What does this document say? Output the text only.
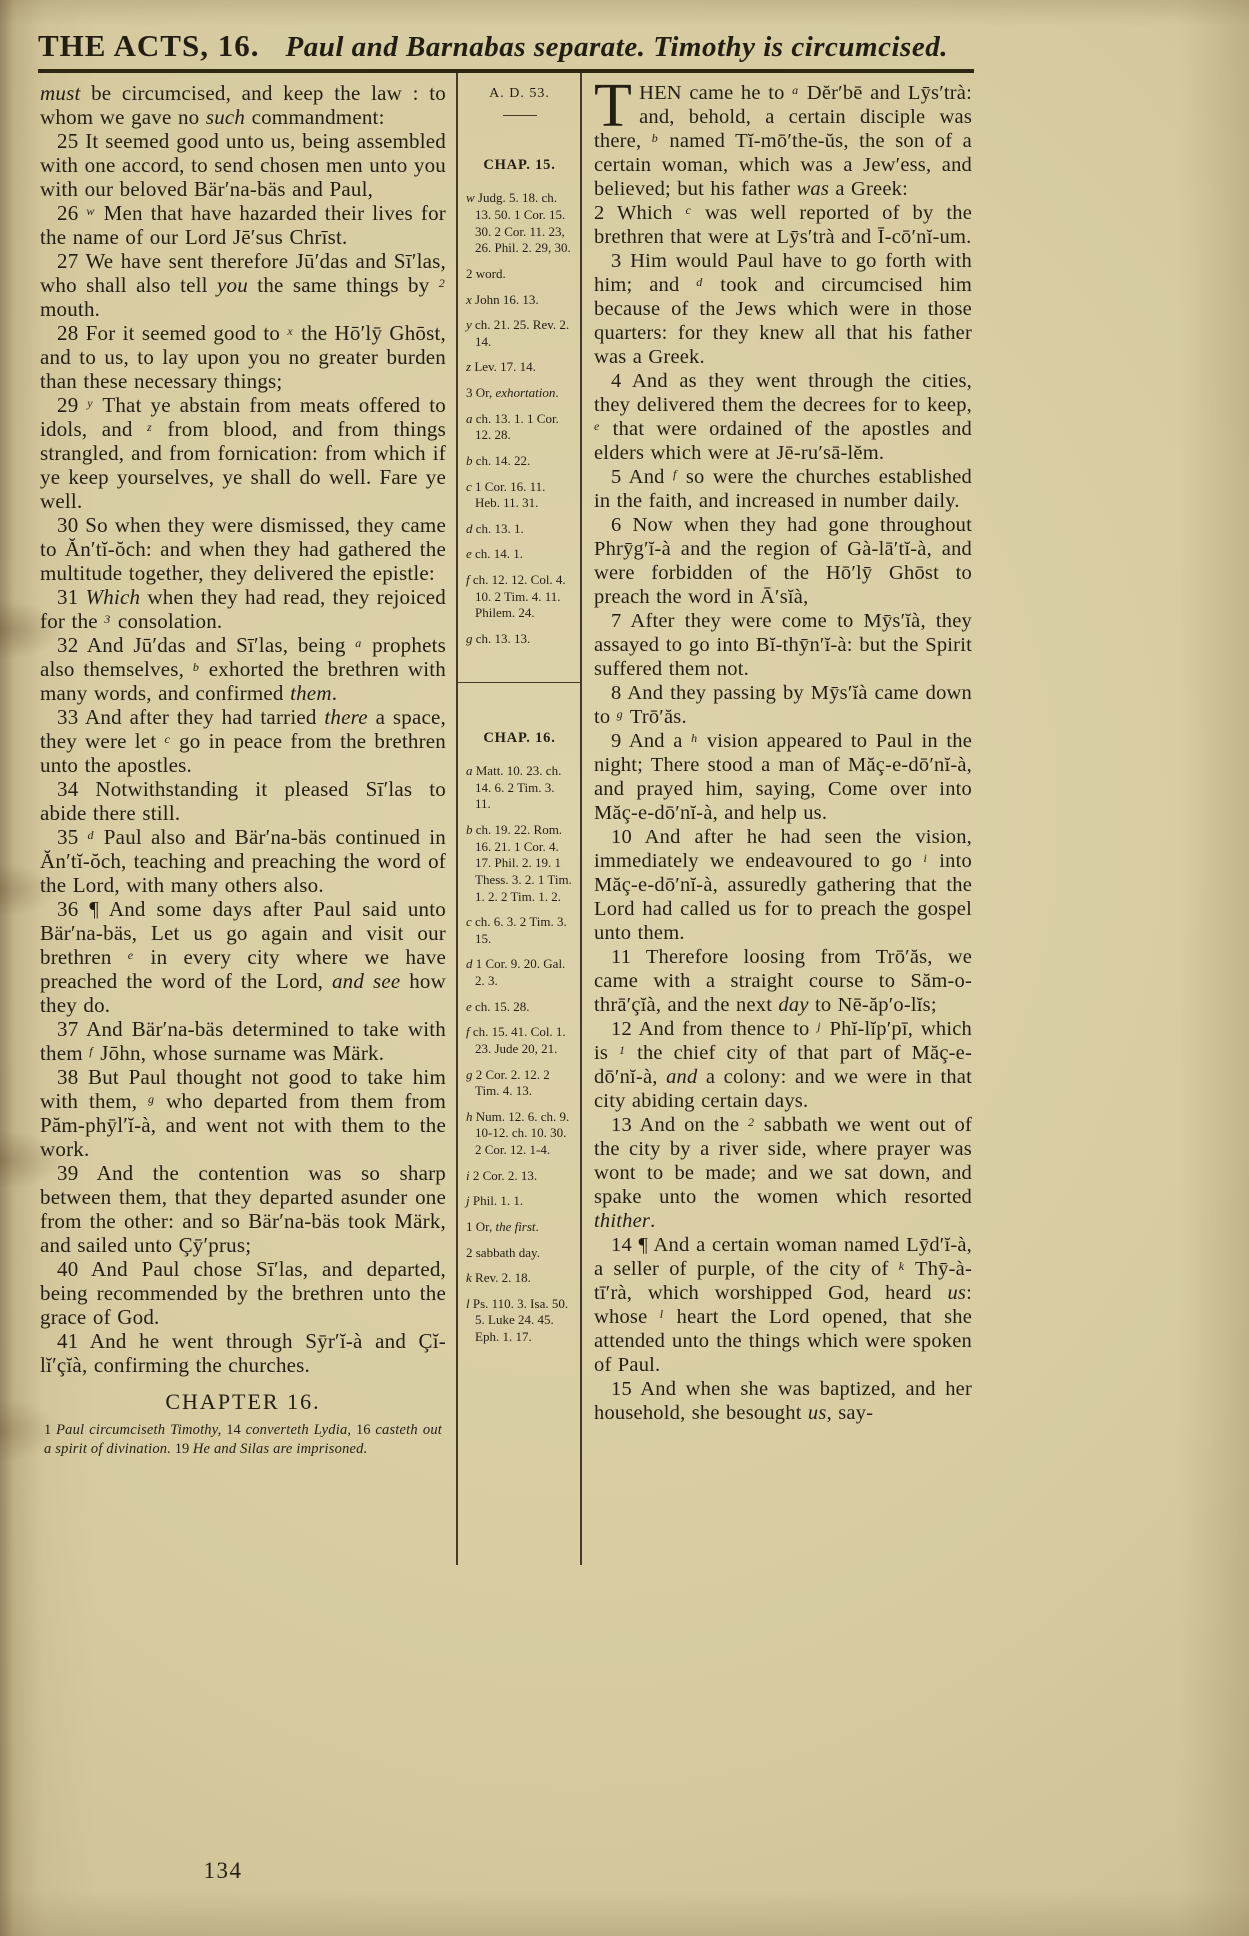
THE ACTS, 16. Paul and Barnabas separate. Timothy is circumcised.

must be circumcised, and keep the law : to whom we gave no such commandment:

25 It seemed good unto us, being assembled with one accord, to send chosen men unto you with our beloved Bär′na-bäs and Paul,

26 $^w$ Men that have hazarded their lives for the name of our Lord Jē′sus Chrīst.

27 We have sent therefore Jū′das and Sī′las, who shall also tell you the same things by $^2$ mouth.

28 For it seemed good to $^x$ the Hō′lȳ Ghōst, and to us, to lay upon you no greater burden than these necessary things;

29 $^y$ That ye abstain from meats offered to idols, and $^z$ from blood, and from things strangled, and from fornication: from which if ye keep yourselves, ye shall do well. Fare ye well.

30 So when they were dismissed, they came to Ăn′tĭ-ŏch: and when they had gathered the multitude together, they delivered the epistle:

31 Which when they had read, they rejoiced for the $^3$ consolation.

32 And Jū′das and Sī′las, being $^a$ prophets also themselves, $^b$ exhorted the brethren with many words, and confirmed them.

33 And after they had tarried there a space, they were let $^c$ go in peace from the brethren unto the apostles.

34 Notwithstanding it pleased Sī′las to abide there still.

35 $^d$ Paul also and Bär′na-bäs continued in Ăn′tĭ-ŏch, teaching and preaching the word of the Lord, with many others also.

36 ¶ And some days after Paul said unto Bär′na-bäs, Let us go again and visit our brethren $^e$ in every city where we have preached the word of the Lord, and see how they do.

37 And Bär′na-bäs determined to take with them $^f$ Jōhn, whose surname was Märk.

38 But Paul thought not good to take him with them, $^g$ who departed from them from Păm-phȳl′ĭ-à, and went not with them to the work.

39 And the contention was so sharp between them, that they departed asunder one from the other: and so Bär′na-bäs took Märk, and sailed unto Çȳ′prus;

40 And Paul chose Sī′las, and departed, being recommended by the brethren unto the grace of God.

41 And he went through Sȳr′ĭ-à and Çĭ-lĭ′çĭà, confirming the churches.

CHAPTER 16.

1 Paul circumciseth Timothy, 14 converteth Lydia, 16 casteth out a spirit of divination. 19 He and Silas are imprisoned.

A. D. 53.
CHAP. 15.

w Judg. 5. 18. ch. 13. 50. 1 Cor. 15. 30. 2 Cor. 11. 23, 26. Phil. 2. 29, 30.

2 word.

x John 16. 13.

y ch. 21. 25. Rev. 2. 14.

z Lev. 17. 14.

3 Or, exhortation.

a ch. 13. 1. 1 Cor. 12. 28.

b ch. 14. 22.

c 1 Cor. 16. 11. Heb. 11. 31.

d ch. 13. 1.

e ch. 14. 1.

f ch. 12. 12. Col. 4. 10. 2 Tim. 4. 11. Philem. 24.

g ch. 13. 13.

CHAP. 16.

a Matt. 10. 23. ch. 14. 6. 2 Tim. 3. 11.

b ch. 19. 22. Rom. 16. 21. 1 Cor. 4. 17. Phil. 2. 19. 1 Thess. 3. 2. 1 Tim. 1. 2. 2 Tim. 1. 2.

c ch. 6. 3. 2 Tim. 3. 15.

d 1 Cor. 9. 20. Gal. 2. 3.

e ch. 15. 28.

f ch. 15. 41. Col. 1. 23. Jude 20, 21.

g 2 Cor. 2. 12. 2 Tim. 4. 13.

h Num. 12. 6. ch. 9. 10-12. ch. 10. 30. 2 Cor. 12. 1-4.

i 2 Cor. 2. 13.

j Phil. 1. 1.

1 Or, the first.

2 sabbath day.

k Rev. 2. 18.

l Ps. 110. 3. Isa. 50. 5. Luke 24. 45. Eph. 1. 17.

T HEN came he to $^a$ Dĕr′bē and Lȳs′trà: and, behold, a certain disciple was there, $^b$ named Tĭ-mō′the-ŭs, the son of a certain woman, which was a Jew′ess, and believed; but his father was a Greek:

2 Which $^c$ was well reported of by the brethren that were at Lȳs′trà and Ī-cō′nĭ-um.

3 Him would Paul have to go forth with him; and $^d$ took and circumcised him because of the Jews which were in those quarters: for they knew all that his father was a Greek.

4 And as they went through the cities, they delivered them the decrees for to keep, $^e$ that were ordained of the apostles and elders which were at Jē-ru′sā-lĕm.

5 And $^f$ so were the churches established in the faith, and increased in number daily.

6 Now when they had gone throughout Phrȳg′ĭ-à and the region of Gà-lā′tĭ-à, and were forbidden of the Hō′lȳ Ghōst to preach the word in Ā′sĭà,

7 After they were come to Mȳs′ĭà, they assayed to go into Bĭ-thȳn′ĭ-à: but the Spirit suffered them not.

8 And they passing by Mȳs′ĭà came down to $^g$ Trō′ăs.

9 And a $^h$ vision appeared to Paul in the night; There stood a man of Măç-e-dō′nĭ-à, and prayed him, saying, Come over into Măç-e-dō′nĭ-à, and help us.

10 And after he had seen the vision, immediately we endeavoured to go $^i$ into Măç-e-dō′nĭ-à, assuredly gathering that the Lord had called us for to preach the gospel unto them.

11 Therefore loosing from Trō′ăs, we came with a straight course to Săm-o-thrā′çĭà, and the next day to Nē-ăp′o-lĭs;

12 And from thence to $^j$ Phĭ-lĭp′pī, which is $^1$ the chief city of that part of Măç-e-dō′nĭ-à, and a colony: and we were in that city abiding certain days.

13 And on the $^2$ sabbath we went out of the city by a river side, where prayer was wont to be made; and we sat down, and spake unto the women which resorted thither.

14 ¶ And a certain woman named Lȳd′ĭ-à, a seller of purple, of the city of $^k$ Thȳ-à-tī′rà, which worshipped God, heard us: whose $^l$ heart the Lord opened, that she attended unto the things which were spoken of Paul.

15 And when she was baptized, and her household, she besought us, say-

134
